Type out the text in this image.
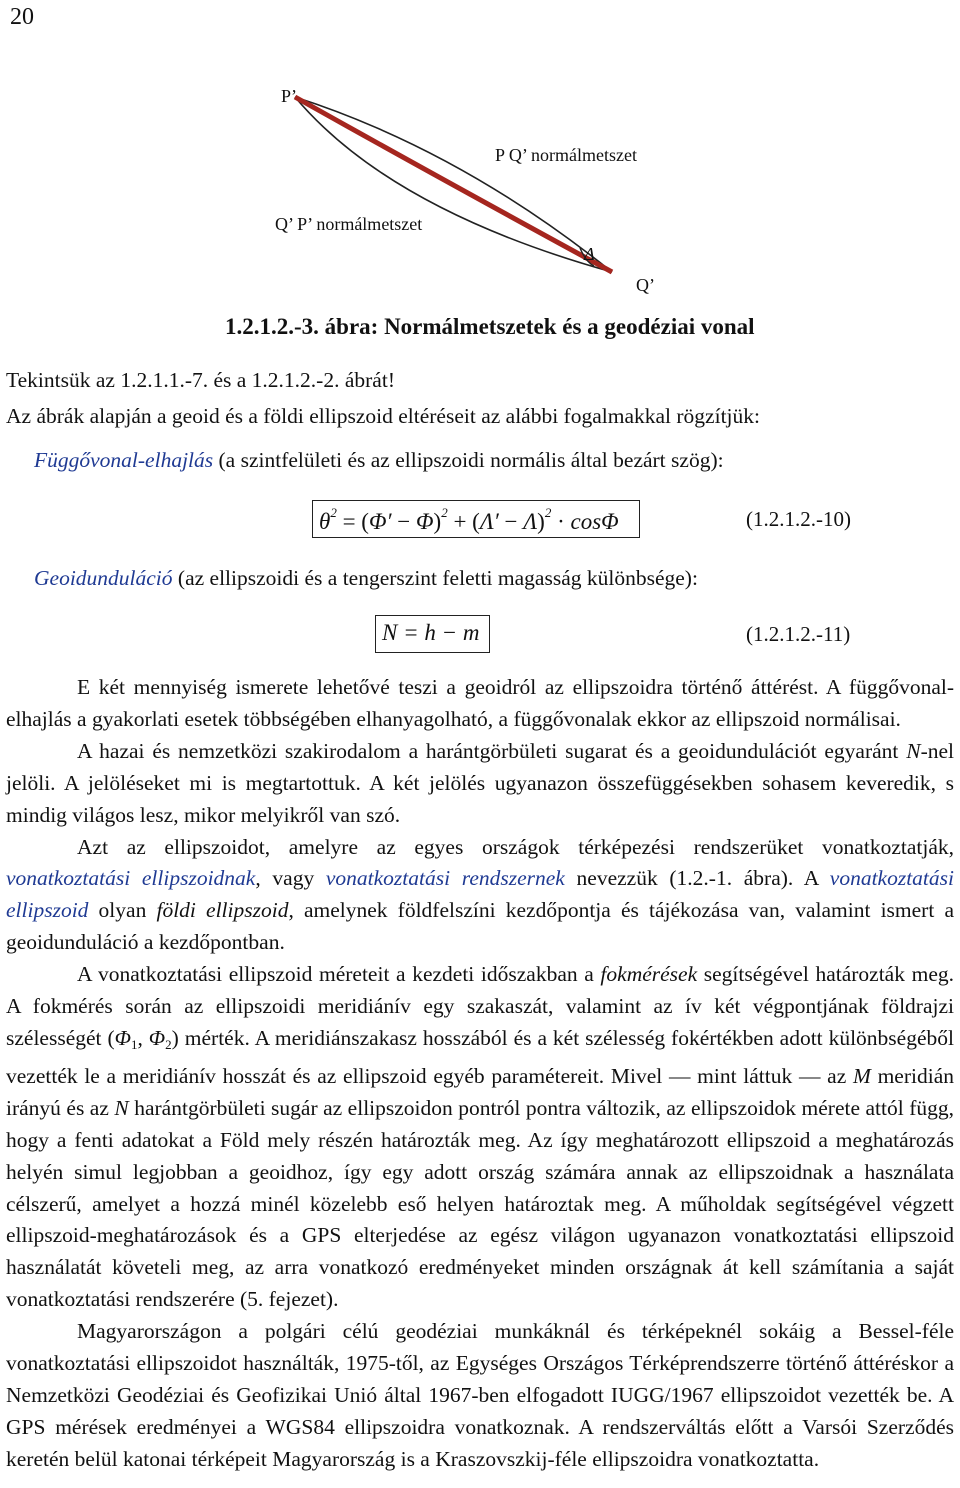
20
P’
P Q’ normálmetszet
Q’ P’ normálmetszet
Δ
Q’
1.2.1.2.-3. ábra: Normálmetszetek és a geodéziai vonal
Tekintsük az 1.2.1.1.-7. és a 1.2.1.2.-2. ábrát!
Az ábrák alapján a geoid és a földi ellipszoid eltéréseit az alábbi fogalmakkal rögzítjük:
Függővonal-elhajlás (a szintfelületi és az ellipszoidi normális által bezárt szög):
$\theta^2 = (\Phi' - \Phi)^2 + (\Lambda' - \Lambda)^2 \cdot \cos\Phi$	(1.2.1.2.-10)
Geoidunduláció (az ellipszoidi és a tengerszint feletti magasság különbsége):
N = h − m	(1.2.1.2.-11)

E két mennyiség ismerete lehetővé teszi a geoidról az ellipszoidra történő áttérést. A függővonal-elhajlás a gyakorlati esetek többségében elhanyagolható, a függővonalak ekkor az ellipszoid normálisai.

A hazai és nemzetközi szakirodalom a harántgörbületi sugarat és a geoidundulációt egyaránt N-nel jelöli. A jelöléseket mi is megtartottuk. A két jelölés ugyanazon összefüggésekben sohasem keveredik, s mindig világos lesz, mikor melyikről van szó.

Azt az ellipszoidot, amelyre az egyes országok térképezési rendszerüket vonatkoztatják, vonatkoztatási ellipszoidnak, vagy vonatkoztatási rendszernek nevezzük (1.2.-1. ábra). A vonatkoztatási ellipszoid olyan földi ellipszoid, amelynek földfelszíni kezdőpontja és tájékozása van, valamint ismert a geoidunduláció a kezdőpontban.

A vonatkoztatási ellipszoid méreteit a kezdeti időszakban a fokmérések segítségével határozták meg. A fokmérés során az ellipszoidi meridiánív egy szakaszát, valamint az ív két végpontjának földrajzi szélességét ($\Phi_1$, $\Phi_2$) mérték. A meridiánszakasz hosszából és a két szélesség fokértékben adott különbségéből vezették le a meridiánív hosszát és az ellipszoid egyéb paramétereit. Mivel — mint láttuk — az M meridián irányú és az N harántgörbületi sugár az ellipszoidon pontról pontra változik, az ellipszoidok mérete attól függ, hogy a fenti adatokat a Föld mely részén határozták meg. Az így meghatározott ellipszoid a meghatározás helyén simul legjobban a geoidhoz, így egy adott ország számára annak az ellipszoidnak a használata célszerű, amelyet a hozzá minél közelebb eső helyen határoztak meg. A műholdak segítségével végzett ellipszoid-meghatározások és a GPS elterjedése az egész világon ugyanazon vonatkoztatási ellipszoid használatát követeli meg, az arra vonatkozó eredményeket minden országnak át kell számítania a saját vonatkoztatási rendszerére (5. fejezet).

Magyarországon a polgári célú geodéziai munkáknál és térképeknél sokáig a Bessel-féle vonatkoztatási ellipszoidot használták, 1975-től, az Egységes Országos Térképrendszerre történő áttéréskor a Nemzetközi Geodéziai és Geofizikai Unió által 1967-ben elfogadott IUGG/1967 ellipszoidot vezették be. A GPS mérések eredményei a WGS84 ellipszoidra vonatkoznak. A rendszerváltás előtt a Varsói Szerződés keretén belül katonai térképeit Magyarország is a Kraszovszkij-féle ellipszoidra vonatkoztatta.
